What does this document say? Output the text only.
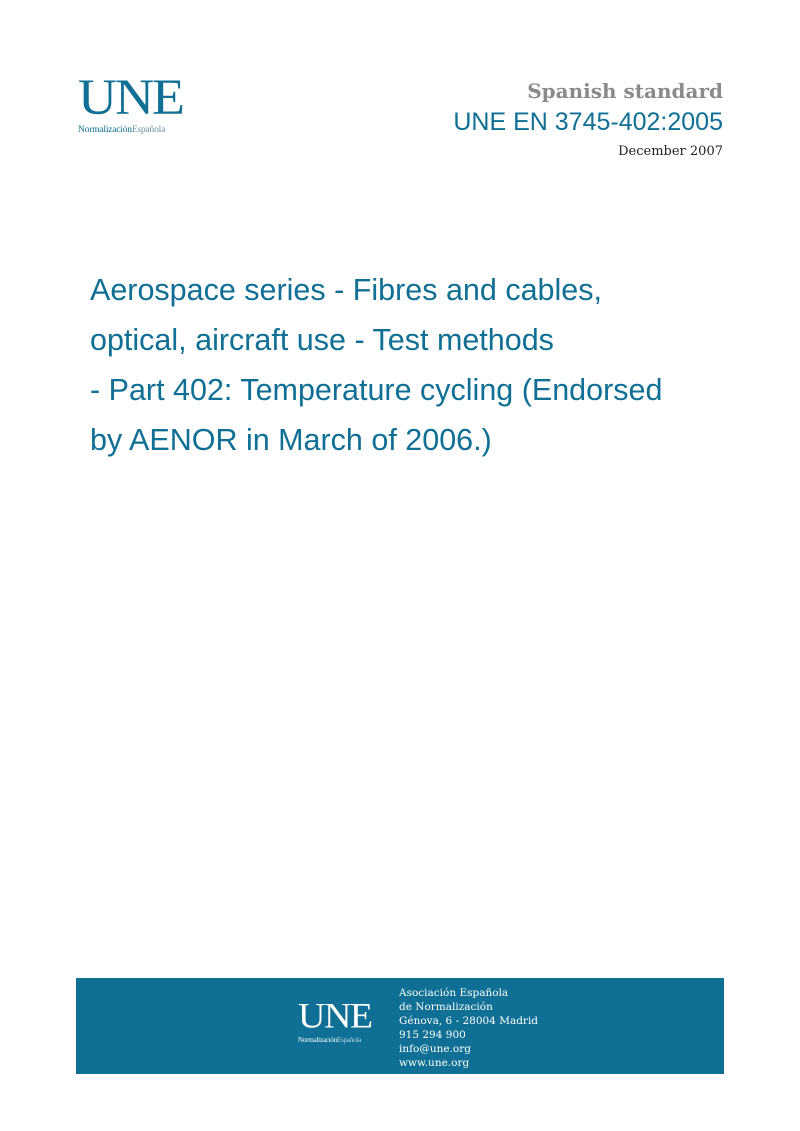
UNE
NormalizaciónEspañola
Spanish standard
UNE EN 3745-402:2005
December 2007
Aerospace series - Fibres and cables,
optical, aircraft use - Test methods
- Part 402: Temperature cycling (Endorsed
by AENOR in March of 2006.)
UNE
NormalizaciónEspañola
Asociación Española
de Normalización
Génova, 6 - 28004 Madrid
915 294 900
info@une.org
www.une.org
